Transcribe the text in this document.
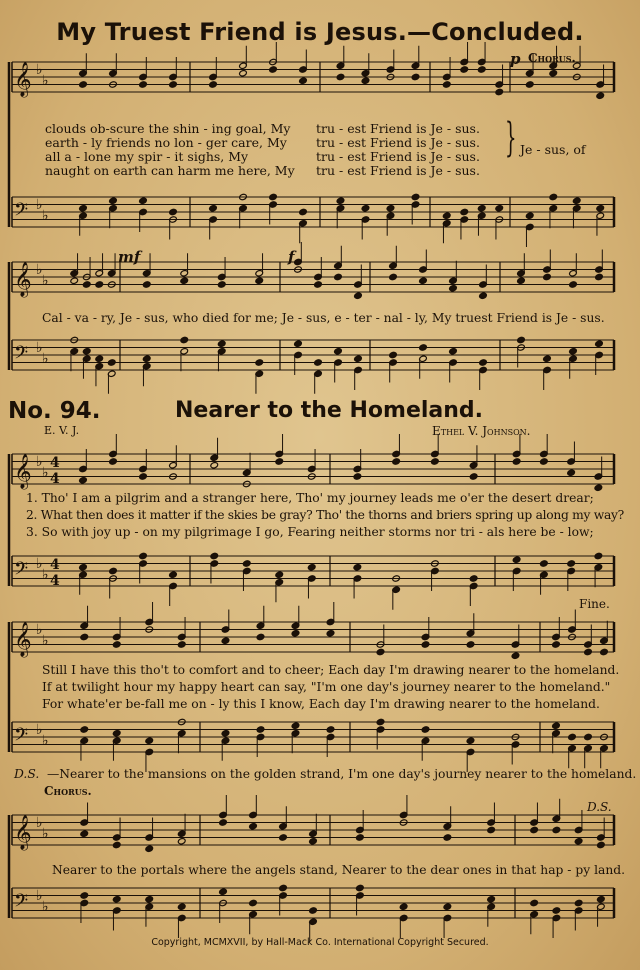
𝄞 ♭
♭
𝄢 ♭
♭
𝄞 ♭
♭
𝄢 ♭
♭
𝄞 ♭
♭
𝄢 ♭
♭
𝄞 ♭
♭
𝄢 ♭
♭
𝄞 ♭
♭
𝄢 ♭
♭
4
4
4
4
My Truest Friend is Jesus.—Concluded.
p Chorus.
clouds ob-scure the shin - ing goal, My
earth - ly friends no lon - ger care, My
all a - lone my spir - it sighs, My
naught on earth can harm me here, My
tru - est Friend is Je - sus.
tru - est Friend is Je - sus.
tru - est Friend is Je - sus.
tru - est Friend is Je - sus.
} Je - sus, of
mf	f
Cal - va - ry, Je - sus, who died for me; Je - sus, e - ter - nal - ly, My truest Friend is Je - sus.
No. 94.	Nearer to the Homeland.
E. V. J.	Ethel V. Johnson.
1. Tho' I am a pilgrim and a stranger here, Tho' my journey leads me o'er the desert drear;
2. What then does it matter if the skies be gray? Tho' the thorns and briers spring up along my way?
3. So with joy up - on my pilgrimage I go, Fearing neither storms nor tri - als here be - low;
Fine.
Still I have this tho't to comfort and to cheer; Each day I'm drawing nearer to the homeland.
If at twilight hour my happy heart can say, "I'm one day's journey nearer to the homeland."
For whate'er be-fall me on - ly this I know, Each day I'm drawing nearer to the homeland.
D.S. —Nearer to the mansions on the golden strand, I'm one day's journey nearer to the homeland.
Chorus.
D.S.
Nearer to the portals where the angels stand, Nearer to the dear ones in that hap - py land.
Copyright, MCMXVII, by Hall-Mack Co. International Copyright Secured.
